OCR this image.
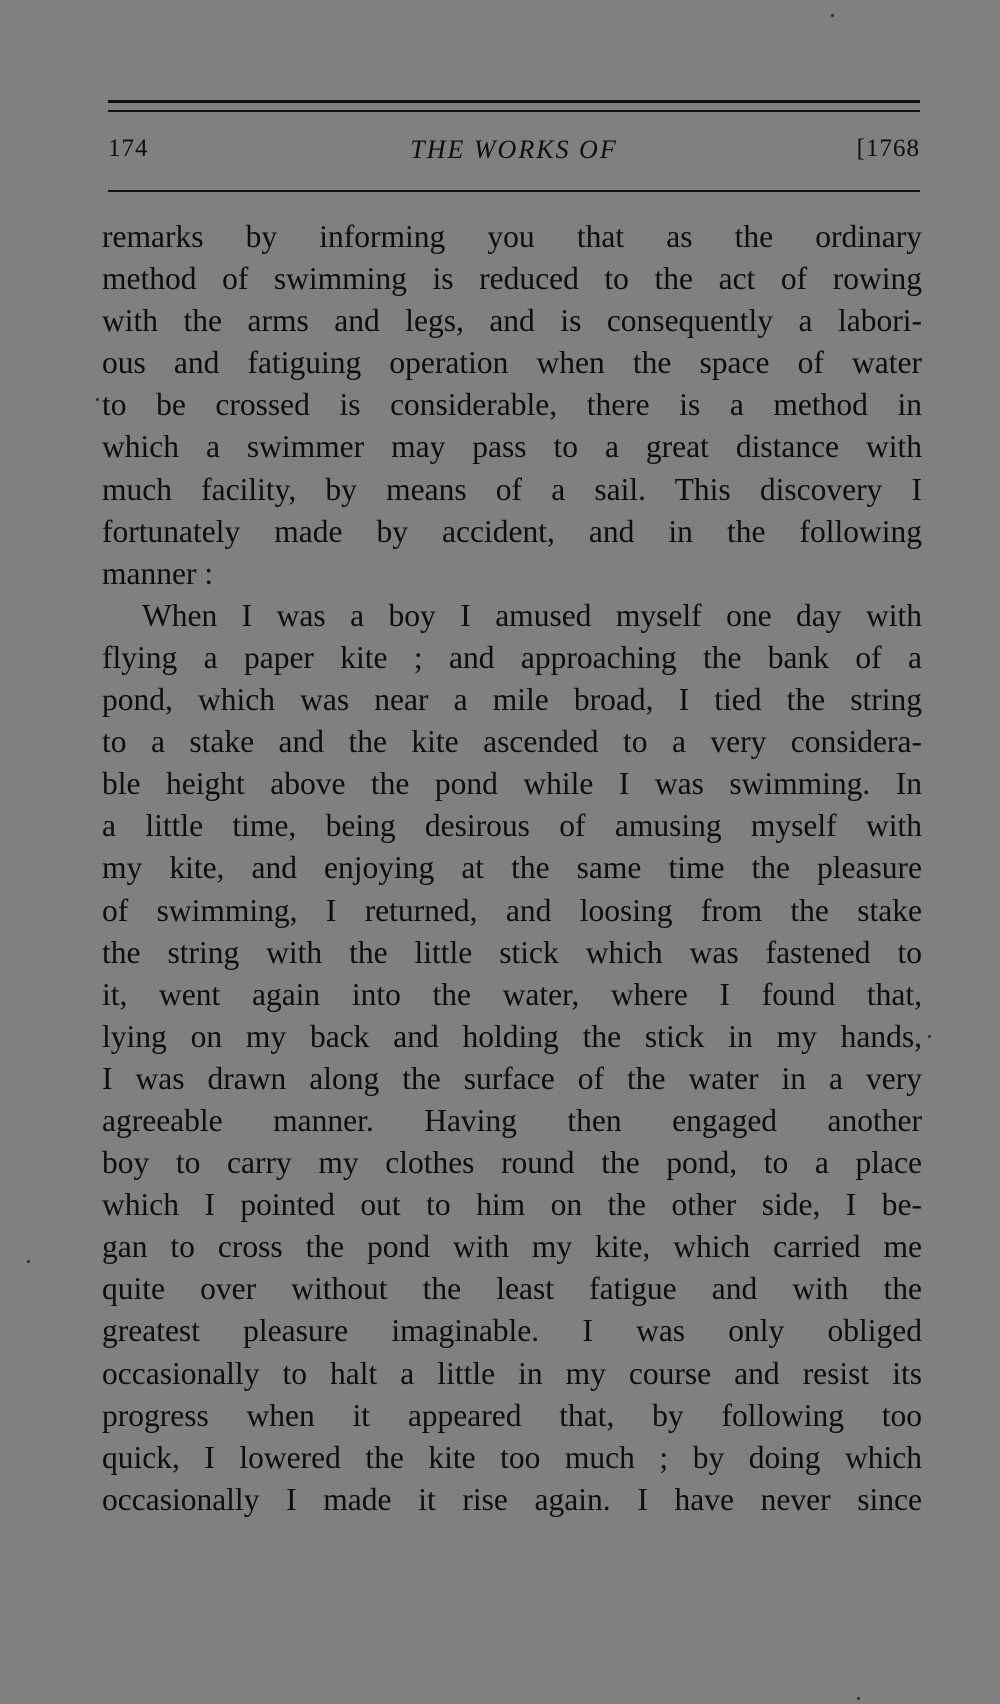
174	THE WORKS OF	[1768
remarks by informing you that as the ordinary
method of swimming is reduced to the act of rowing
with the arms and legs, and is consequently a labori-
ous and fatiguing operation when the space of water
to be crossed is considerable, there is a method in
which a swimmer may pass to a great distance with
much facility, by means of a sail. This discovery I
fortunately made by accident, and in the following
manner :
When I was a boy I amused myself one day with
flying a paper kite ; and approaching the bank of a
pond, which was near a mile broad, I tied the string
to a stake and the kite ascended to a very considera-
ble height above the pond while I was swimming. In
a little time, being desirous of amusing myself with
my kite, and enjoying at the same time the pleasure
of swimming, I returned, and loosing from the stake
the string with the little stick which was fastened to
it, went again into the water, where I found that,
lying on my back and holding the stick in my hands,
I was drawn along the surface of the water in a very
agreeable manner. Having then engaged another
boy to carry my clothes round the pond, to a place
which I pointed out to him on the other side, I be-
gan to cross the pond with my kite, which carried me
quite over without the least fatigue and with the
greatest pleasure imaginable. I was only obliged
occasionally to halt a little in my course and resist its
progress when it appeared that, by following too
quick, I lowered the kite too much ; by doing which
occasionally I made it rise again. I have never since
